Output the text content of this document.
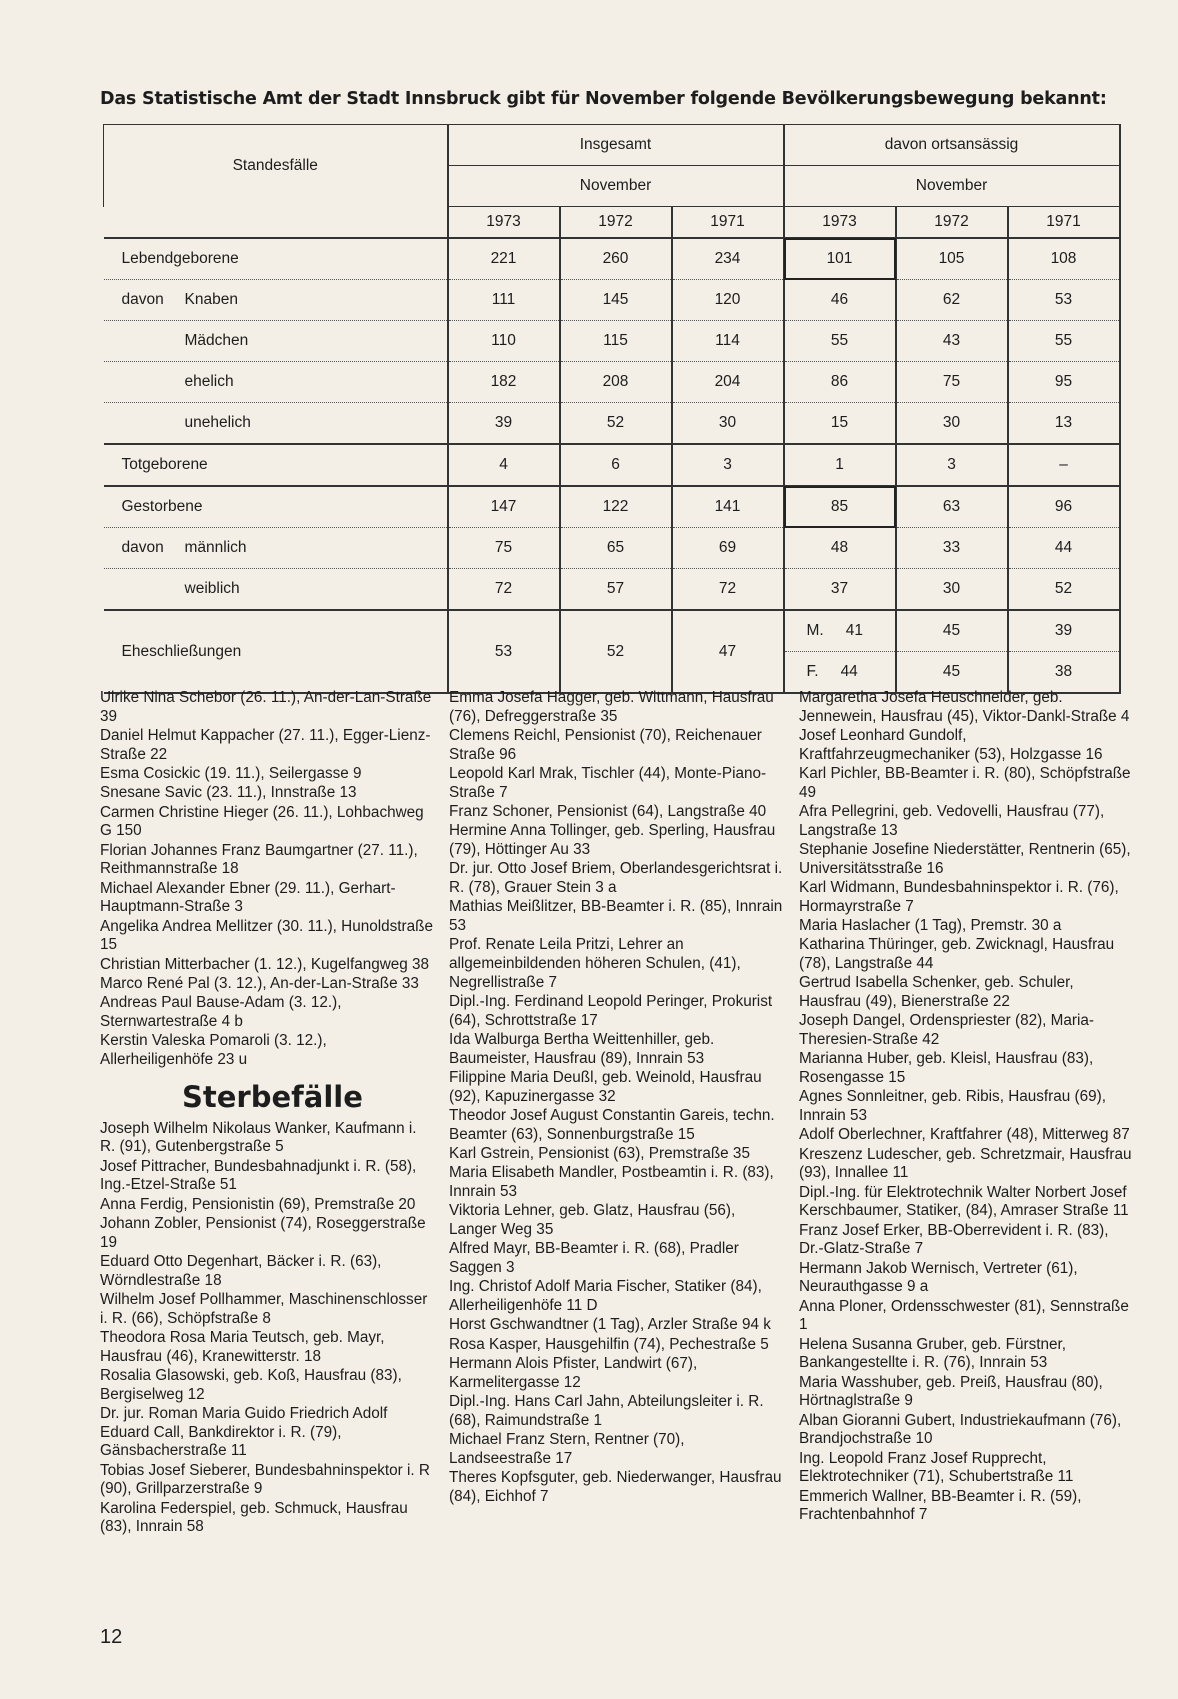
Das Statistische Amt der Stadt Innsbruck gibt für November folgende Bevölkerungsbewegung bekannt:
Standesfälle	Insgesamt			davon ortsansässig		
	November			November		
	1973	1972	1971	1973	1972	1971
Lebendgeborene	221	260	234	101	105	108
davon Knaben	111	145	120	46	62	53
Mädchen	110	115	114	55	43	55
ehelich	182	208	204	86	75	95
unehelich	39	52	30	15	30	13
Totgeborene	4	6	3	1	3	–
Gestorbene	147	122	141	85	63	96
davon männlich	75	65	69	48	33	44
weiblich	72	57	72	37	30	52
Eheschließungen	53	52	47	M. 41	45	39
				F. 44	45	38

Ulrike Nina Schebor (26. 11.), An-der-Lan-Straße 39

Daniel Helmut Kappacher (27. 11.), Egger-Lienz-Straße 22

Esma Cosickic (19. 11.), Seilergasse 9

Snesane Savic (23. 11.), Innstraße 13

Carmen Christine Hieger (26. 11.), Lohbachweg G 150

Florian Johannes Franz Baumgartner (27. 11.), Reithmannstraße 18

Michael Alexander Ebner (29. 11.), Gerhart-Hauptmann-Straße 3

Angelika Andrea Mellitzer (30. 11.), Hunoldstraße 15

Christian Mitterbacher (1. 12.), Kugelfangweg 38

Marco René Pal (3. 12.), An-der-Lan-Straße 33

Andreas Paul Bause-Adam (3. 12.), Sternwartestraße 4 b

Kerstin Valeska Pomaroli (3. 12.), Allerheiligenhöfe 23 u

Sterbefälle

Joseph Wilhelm Nikolaus Wanker, Kaufmann i. R. (91), Gutenbergstraße 5

Josef Pittracher, Bundesbahnadjunkt i. R. (58), Ing.-Etzel-Straße 51

Anna Ferdig, Pensionistin (69), Premstraße 20

Johann Zobler, Pensionist (74), Roseggerstraße 19

Eduard Otto Degenhart, Bäcker i. R. (63), Wörndlestraße 18

Wilhelm Josef Pollhammer, Maschinenschlosser i. R. (66), Schöpfstraße 8

Theodora Rosa Maria Teutsch, geb. Mayr, Hausfrau (46), Kranewitterstr. 18

Rosalia Glasowski, geb. Koß, Hausfrau (83), Bergiselweg 12

Dr. jur. Roman Maria Guido Friedrich Adolf Eduard Call, Bankdirektor i. R. (79), Gänsbacherstraße 11

Tobias Josef Sieberer, Bundesbahninspektor i. R (90), Grillparzerstraße 9

Karolina Federspiel, geb. Schmuck, Hausfrau (83), Innrain 58

Emma Josefa Hagger, geb. Wittmann, Hausfrau (76), Defreggerstraße 35

Clemens Reichl, Pensionist (70), Reichenauer Straße 96

Leopold Karl Mrak, Tischler (44), Monte-Piano-Straße 7

Franz Schoner, Pensionist (64), Langstraße 40

Hermine Anna Tollinger, geb. Sperling, Hausfrau (79), Höttinger Au 33

Dr. jur. Otto Josef Briem, Oberlandesgerichtsrat i. R. (78), Grauer Stein 3 a

Mathias Meißlitzer, BB-Beamter i. R. (85), Innrain 53

Prof. Renate Leila Pritzi, Lehrer an allgemeinbildenden höheren Schulen, (41), Negrellistraße 7

Dipl.-Ing. Ferdinand Leopold Peringer, Prokurist (64), Schrottstraße 17

Ida Walburga Bertha Weittenhiller, geb. Baumeister, Hausfrau (89), Innrain 53

Filippine Maria Deußl, geb. Weinold, Hausfrau (92), Kapuzinergasse 32

Theodor Josef August Constantin Gareis, techn. Beamter (63), Sonnenburgstraße 15

Karl Gstrein, Pensionist (63), Premstraße 35

Maria Elisabeth Mandler, Postbeamtin i. R. (83), Innrain 53

Viktoria Lehner, geb. Glatz, Hausfrau (56), Langer Weg 35

Alfred Mayr, BB-Beamter i. R. (68), Pradler Saggen 3

Ing. Christof Adolf Maria Fischer, Statiker (84), Allerheiligenhöfe 11 D

Horst Gschwandtner (1 Tag), Arzler Straße 94 k

Rosa Kasper, Hausgehilfin (74), Pechestraße 5

Hermann Alois Pfister, Landwirt (67), Karmelitergasse 12

Dipl.-Ing. Hans Carl Jahn, Abteilungsleiter i. R. (68), Raimundstraße 1

Michael Franz Stern, Rentner (70), Landseestraße 17

Theres Kopfsguter, geb. Niederwanger, Hausfrau (84), Eichhof 7

Margaretha Josefa Heuschneider, geb. Jennewein, Hausfrau (45), Viktor-Dankl-Straße 4

Josef Leonhard Gundolf, Kraftfahrzeugmechaniker (53), Holzgasse 16

Karl Pichler, BB-Beamter i. R. (80), Schöpfstraße 49

Afra Pellegrini, geb. Vedovelli, Hausfrau (77), Langstraße 13

Stephanie Josefine Niederstätter, Rentnerin (65), Universitätsstraße 16

Karl Widmann, Bundesbahninspektor i. R. (76), Hormayrstraße 7

Maria Haslacher (1 Tag), Premstr. 30 a

Katharina Thüringer, geb. Zwicknagl, Hausfrau (78), Langstraße 44

Gertrud Isabella Schenker, geb. Schuler, Hausfrau (49), Bienerstraße 22

Joseph Dangel, Ordenspriester (82), Maria-Theresien-Straße 42

Marianna Huber, geb. Kleisl, Hausfrau (83), Rosengasse 15

Agnes Sonnleitner, geb. Ribis, Hausfrau (69), Innrain 53

Adolf Oberlechner, Kraftfahrer (48), Mitterweg 87

Kreszenz Ludescher, geb. Schretzmair, Hausfrau (93), Innallee 11

Dipl.-Ing. für Elektrotechnik Walter Norbert Josef Kerschbaumer, Statiker, (84), Amraser Straße 11

Franz Josef Erker, BB-Oberrevident i. R. (83), Dr.-Glatz-Straße 7

Hermann Jakob Wernisch, Vertreter (61), Neurauthgasse 9 a

Anna Ploner, Ordensschwester (81), Sennstraße 1

Helena Susanna Gruber, geb. Fürstner, Bankangestellte i. R. (76), Innrain 53

Maria Wasshuber, geb. Preiß, Hausfrau (80), Hörtnaglstraße 9

Alban Gioranni Gubert, Industriekaufmann (76), Brandjochstraße 10

Ing. Leopold Franz Josef Rupprecht, Elektrotechniker (71), Schubertstraße 11

Emmerich Wallner, BB-Beamter i. R. (59), Frachtenbahnhof 7

12
